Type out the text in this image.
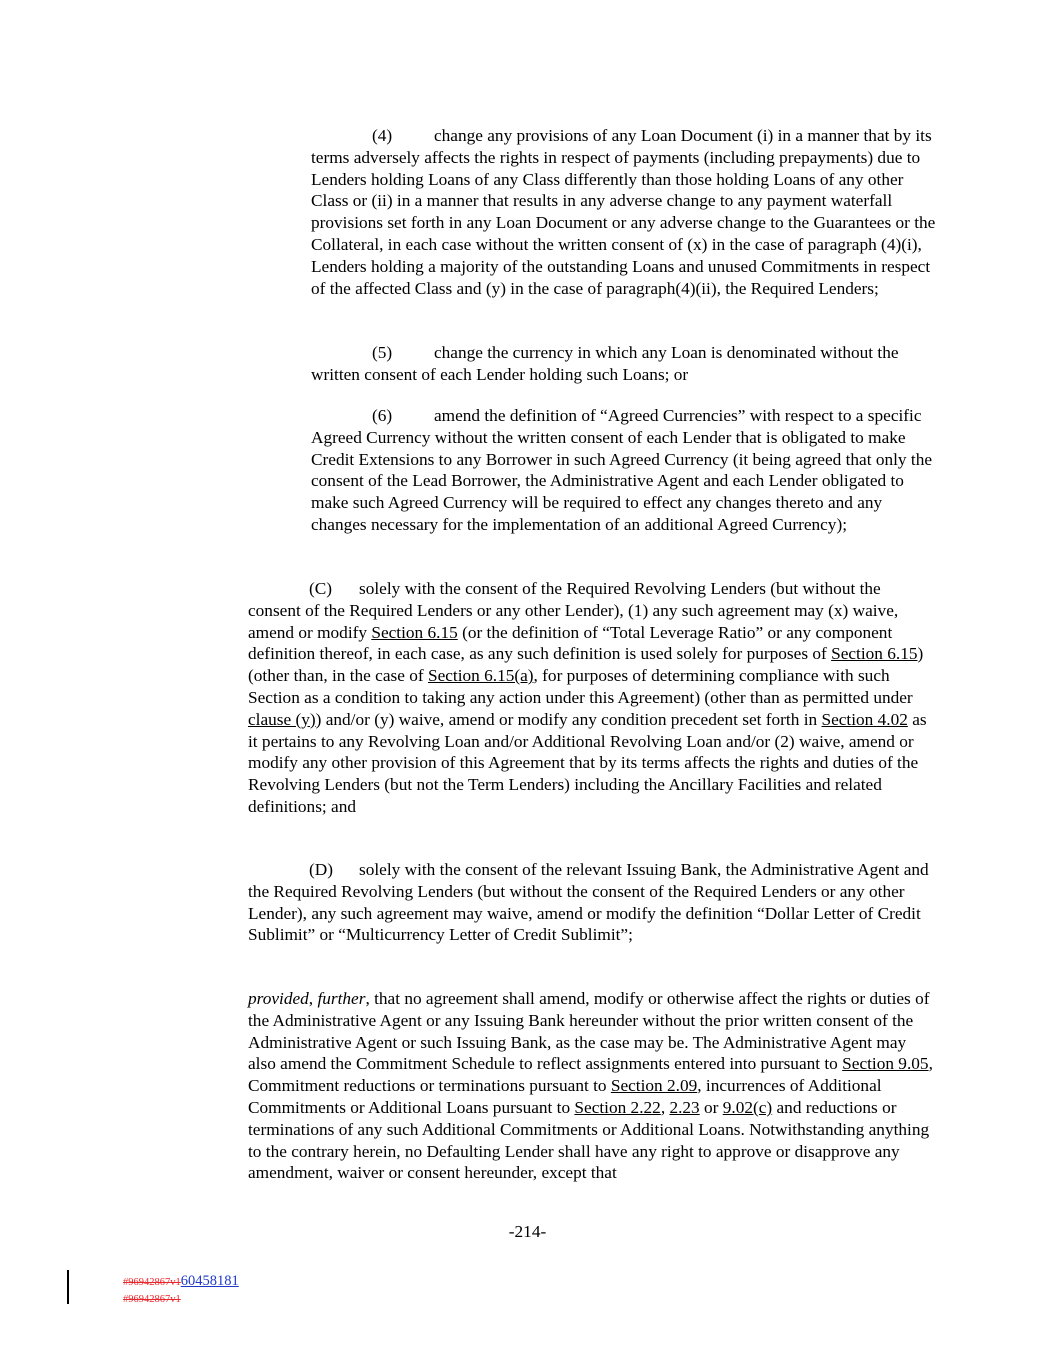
(4) change any provisions of any Loan Document (i) in a manner that by its terms adversely affects the rights in respect of payments (including prepayments) due to Lenders holding Loans of any Class differently than those holding Loans of any other Class or (ii) in a manner that results in any adverse change to any payment waterfall provisions set forth in any Loan Document or any adverse change to the Guarantees or the Collateral, in each case without the written consent of (x) in the case of paragraph (4)(i), Lenders holding a majority of the outstanding Loans and unused Commitments in respect of the affected Class and (y) in the case of paragraph(4)(ii), the Required Lenders;

(5) change the currency in which any Loan is denominated without the written consent of each Lender holding such Loans; or

(6) amend the definition of “Agreed Currencies” with respect to a specific Agreed Currency without the written consent of each Lender that is obligated to make Credit Extensions to any Borrower in such Agreed Currency (it being agreed that only the consent of the Lead Borrower, the Administrative Agent and each Lender obligated to make such Agreed Currency will be required to effect any changes thereto and any changes necessary for the implementation of an additional Agreed Currency);

(C) solely with the consent of the Required Revolving Lenders (but without the consent of the Required Lenders or any other Lender), (1) any such agreement may (x) waive, amend or modify Section 6.15 (or the definition of “Total Leverage Ratio” or any component definition thereof, in each case, as any such definition is used solely for purposes of Section 6.15) (other than, in the case of Section 6.15(a), for purposes of determining compliance with such Section as a condition to taking any action under this Agreement) (other than as permitted under clause (y)) and/or (y) waive, amend or modify any condition precedent set forth in Section 4.02 as it pertains to any Revolving Loan and/or Additional Revolving Loan and/or (2) waive, amend or modify any other provision of this Agreement that by its terms affects the rights and duties of the Revolving Lenders (but not the Term Lenders) including the Ancillary Facilities and related definitions; and

(D) solely with the consent of the relevant Issuing Bank, the Administrative Agent and the Required Revolving Lenders (but without the consent of the Required Lenders or any other Lender), any such agreement may waive, amend or modify the definition “Dollar Letter of Credit Sublimit” or “Multicurrency Letter of Credit Sublimit”;

provided, further, that no agreement shall amend, modify or otherwise affect the rights or duties of the Administrative Agent or any Issuing Bank hereunder without the prior written consent of the Administrative Agent or such Issuing Bank, as the case may be. The Administrative Agent may also amend the Commitment Schedule to reflect assignments entered into pursuant to Section 9.05, Commitment reductions or terminations pursuant to Section 2.09, incurrences of Additional Commitments or Additional Loans pursuant to Section 2.22, 2.23 or 9.02(c) and reductions or terminations of any such Additional Commitments or Additional Loans. Notwithstanding anything to the contrary herein, no Defaulting Lender shall have any right to approve or disapprove any amendment, waiver or consent hereunder, except that

-214-
#96942867v160458181
#96942867v1
